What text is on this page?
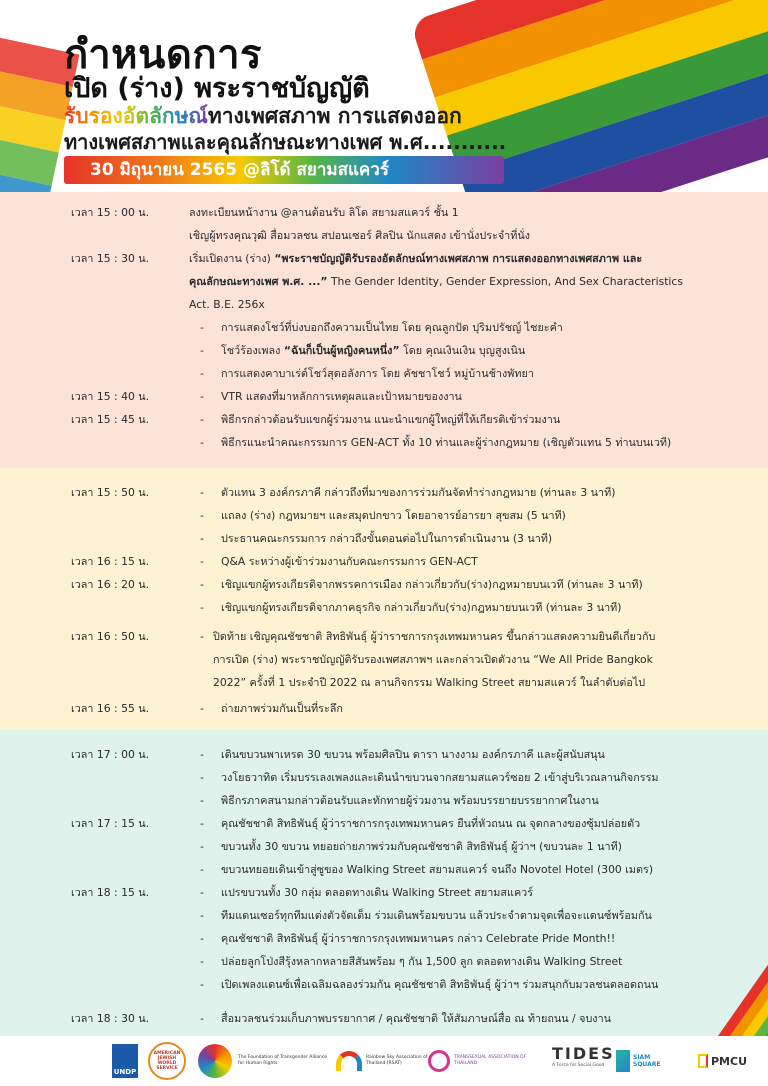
กำหนดการ
เปิด (ร่าง) พระราชบัญญัติ
รับรองอัตลักษณ์ทางเพศสภาพ การแสดงออก
ทางเพศสภาพและคุณลักษณะทางเพศ พ.ศ...........
30 มิถุนายน 2565 @ลิโด้ สยามสแควร์
เวลา 15 : 00 น.	ลงทะเบียนหน้างาน @ลานต้อนรับ ลิโด สยามสแควร์ ชั้น 1
เชิญผู้ทรงคุณวุฒิ สื่อมวลชน สปอนเซอร์ ศิลปิน นักแสดง เข้านั่งประจำที่นั่ง
เวลา 15 : 30 น.	เริ่มเปิดงาน (ร่าง) “พระราชบัญญัติรับรองอัตลักษณ์ทางเพศสภาพ การแสดงออกทางเพศสภาพ และ
คุณลักษณะทางเพศ พ.ศ. ...” The Gender Identity, Gender Expression, And Sex Characteristics
Act. B.E. 256x
- การแสดงโชว์ที่บ่งบอกถึงความเป็นไทย โดย คุณลูกปัด ปุริมปรัชญ์ ไชยะคำ
- โชว์ร้องเพลง “ฉันก็เป็นผู้หญิงคนหนึ่ง” โดย คุณเงินเงิน บุญสูงเนิน
- การแสดงคาบาเร่ต์โชว์สุดอลังการ โดย คัชชาโชว์ หมู่บ้านช้างพัทยา
เวลา 15 : 40 น.	- VTR แสดงที่มาหลักการเหตุผลและเป้าหมายของงาน
เวลา 15 : 45 น.	- พิธีกรกล่าวต้อนรับแขกผู้ร่วมงาน แนะนำแขกผู้ใหญ่ที่ให้เกียรติเข้าร่วมงาน
- พิธีกรแนะนำคณะกรรมการ GEN-ACT ทั้ง 10 ท่านและผู้ร่างกฎหมาย (เชิญตัวแทน 5 ท่านบนเวที)
เวลา 15 : 50 น.	- ตัวแทน 3 องค์กรภาคี กล่าวถึงที่มาของการร่วมกันจัดทำร่างกฎหมาย (ท่านละ 3 นาที)
- แถลง (ร่าง) กฎหมายฯ และสมุดปกขาว โดยอาจารย์อารยา สุขสม (5 นาที)
- ประธานคณะกรรมการ กล่าวถึงขั้นตอนต่อไปในการดำเนินงาน (3 นาที)
เวลา 16 : 15 น.	- Q&A ระหว่างผู้เข้าร่วมงานกับคณะกรรมการ GEN-ACT
เวลา 16 : 20 น.	- เชิญแขกผู้ทรงเกียรติจากพรรคการเมือง กล่าวเกี่ยวกับ(ร่าง)กฎหมายบนเวที (ท่านละ 3 นาที)
- เชิญแขกผู้ทรงเกียรติจากภาคธุรกิจ กล่าวเกี่ยวกับ(ร่าง)กฎหมายบนเวที (ท่านละ 3 นาที)
เวลา 16 : 50 น.	- ปิดท้าย เชิญคุณชัชชาติ สิทธิพันธุ์ ผู้ว่าราชการกรุงเทพมหานคร ขึ้นกล่าวแสดงความยินดีเกี่ยวกับ
การเปิด (ร่าง) พระราชบัญญัติรับรองเพศสภาพฯ และกล่าวเปิดตัวงาน “We All Pride Bangkok
2022” ครั้งที่ 1 ประจำปี 2022 ณ ลานกิจกรรม Walking Street สยามสแควร์ ในลำดับต่อไป
เวลา 16 : 55 น.	- ถ่ายภาพร่วมกันเป็นที่ระลึก
เวลา 17 : 00 น.	- เดินขบวนพาเหรด 30 ขบวน พร้อมศิลปิน ดารา นางงาม องค์กรภาคี และผู้สนับสนุน
- วงโยธวาทิต เริ่มบรรเลงเพลงและเดินนำขบวนจากสยามสแควร์ซอย 2 เข้าสู่บริเวณลานกิจกรรม
- พิธีกรภาคสนามกล่าวต้อนรับและทักทายผู้ร่วมงาน พร้อมบรรยายบรรยากาศในงาน
เวลา 17 : 15 น.	- คุณชัชชาติ สิทธิพันธุ์ ผู้ว่าราชการกรุงเทพมหานคร ยืนที่หัวถนน ณ จุดกลางของซุ้มปล่อยตัว
- ขบวนทั้ง 30 ขบวน ทยอยถ่ายภาพร่วมกับคุณชัชชาติ สิทธิพันธุ์ ผู้ว่าฯ (ขบวนละ 1 นาที)
- ขบวนทยอยเดินเข้าสู่ซูของ Walking Street สยามสแควร์ จนถึง Novotel Hotel (300 เมตร)
เวลา 18 : 15 น.	- แปรขบวนทั้ง 30 กลุ่ม ตลอดทางเดิน Walking Street สยามสแควร์
- ทีมแดนเซอร์ทุกทีมแต่งตัวจัดเต็ม ร่วมเดินพร้อมขบวน แล้วประจำตามจุดเพื่อจะแดนซ์พร้อมกัน
- คุณชัชชาติ สิทธิพันธุ์ ผู้ว่าราชการกรุงเทพมหานคร กล่าว Celebrate Pride Month!!
- ปล่อยลูกโป่งสีรุ้งหลากหลายสีสันพร้อม ๆ กัน 1,500 ลูก ตลอดทางเดิน Walking Street
- เปิดเพลงแดนซ์เพื่อเฉลิมฉลองร่วมกัน คุณชัชชาติ สิทธิพันธุ์ ผู้ว่าฯ ร่วมสนุกกับมวลชนตลอดถนน
เวลา 18 : 30 น.	- สื่อมวลชนร่วมเก็บภาพบรรยากาศ / คุณชัชชาติ ให้สัมภาษณ์สื่อ ณ ท้ายถนน / จบงาน
UNDP
AMERICAN JEWISH WORLD SERVICE
The Foundation of Transgender Alliance for Human Rights
Rainbow Sky Association of Thailand (RSAT)
TRANSSEXUAL ASSOCIATION OF THAILAND
TIDES
A Force for Social Good
SIAM SQUARE	PMCU
